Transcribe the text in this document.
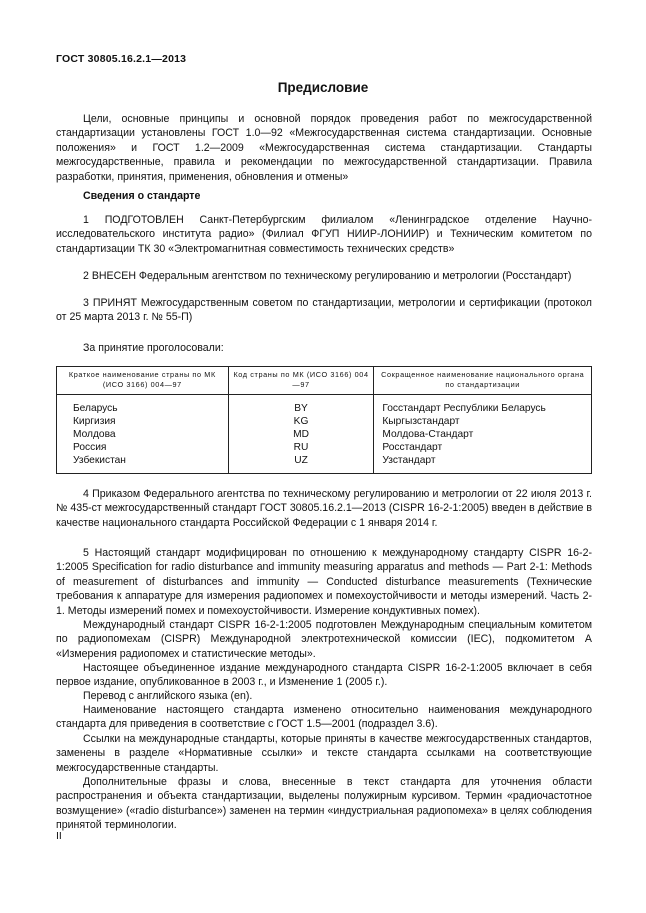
ГОСТ 30805.16.2.1—2013
Предисловие
Цели, основные принципы и основной порядок проведения работ по межгосударственной стандартизации установлены ГОСТ 1.0—92 «Межгосударственная система стандартизации. Основные положения» и ГОСТ 1.2—2009 «Межгосударственная система стандартизации. Стандарты межгосударственные, правила и рекомендации по межгосударственной стандартизации. Правила разработки, принятия, применения, обновления и отмены»
Сведения о стандарте
1 ПОДГОТОВЛЕН Санкт-Петербургским филиалом «Ленинградское отделение Научно-исследовательского института радио» (Филиал ФГУП НИИР-ЛОНИИР) и Техническим комитетом по стандартизации ТК 30 «Электромагнитная совместимость технических средств»
2 ВНЕСЕН Федеральным агентством по техническому регулированию и метрологии (Росстандарт)
3 ПРИНЯТ Межгосударственным советом по стандартизации, метрологии и сертификации (протокол от 25 марта 2013 г. № 55-П)
За принятие проголосовали:
Краткое наименование страны по МК (ИСО 3166) 004—97	Код страны по МК (ИСО 3166) 004—97	Сокращенное наименование национального органа по стандартизации
Беларусь	BY	Госстандарт Республики Беларусь
Киргизия	KG	Кыргызстандарт
Молдова	MD	Молдова-Стандарт
Россия	RU	Росстандарт
Узбекистан	UZ	Узстандарт
4 Приказом Федерального агентства по техническому регулированию и метрологии от 22 июля 2013 г. № 435-ст межгосударственный стандарт ГОСТ 30805.16.2.1—2013 (CISPR 16-2-1:2005) введен в действие в качестве национального стандарта Российской Федерации с 1 января 2014 г.
5 Настоящий стандарт модифицирован по отношению к международному стандарту CISPR 16-2-1:2005 Specification for radio disturbance and immunity measuring apparatus and methods — Part 2-1: Methods of measurement of disturbances and immunity — Conducted disturbance measurements (Технические требования к аппаратуре для измерения радиопомех и помехоустойчивости и методы измерений. Часть 2-1. Методы измерений помех и помехоустойчивости. Измерение кондуктивных помех).
Международный стандарт CISPR 16-2-1:2005 подготовлен Международным специальным комитетом по радиопомехам (CISPR) Международной электротехнической комиссии (IEC), подкомитетом А «Измерения радиопомех и статистические методы».
Настоящее объединенное издание международного стандарта CISPR 16-2-1:2005 включает в себя первое издание, опубликованное в 2003 г., и Изменение 1 (2005 г.).
Перевод с английского языка (en).
Наименование настоящего стандарта изменено относительно наименования международного стандарта для приведения в соответствие с ГОСТ 1.5—2001 (подраздел 3.6).
Ссылки на международные стандарты, которые приняты в качестве межгосударственных стандартов, заменены в разделе «Нормативные ссылки» и тексте стандарта ссылками на соответствующие межгосударственные стандарты.
Дополнительные фразы и слова, внесенные в текст стандарта для уточнения области распространения и объекта стандартизации, выделены полужирным курсивом. Термин «радиочастотное возмущение» («radio disturbance») заменен на термин «индустриальная радиопомеха» в целях соблюдения принятой терминологии.
II
